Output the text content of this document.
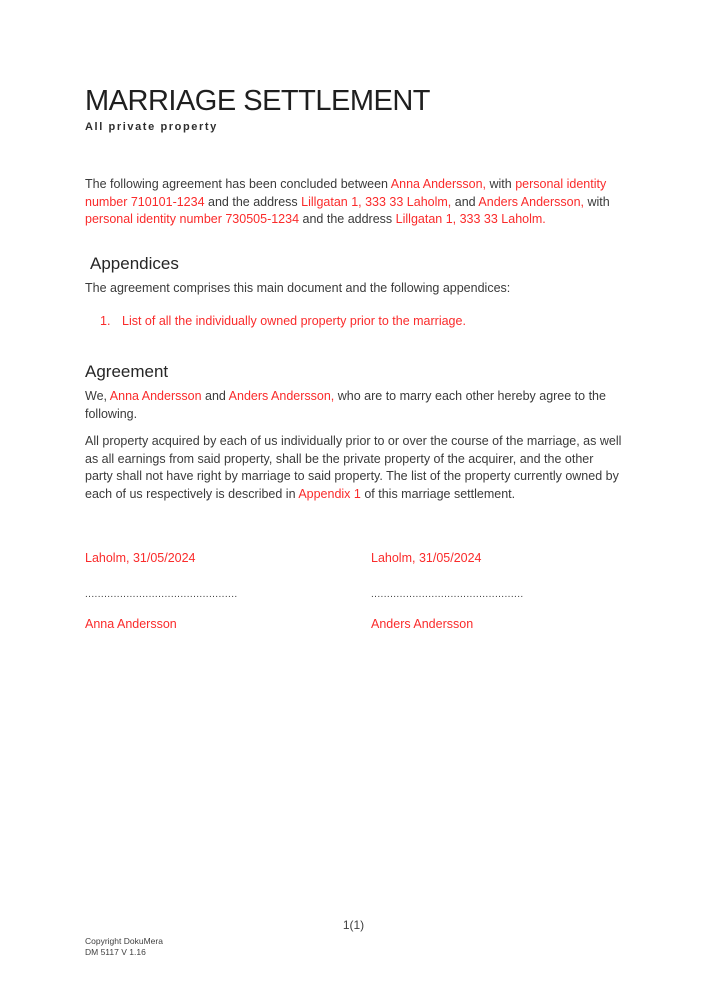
MARRIAGE SETTLEMENT
All private property

The following agreement has been concluded between Anna Andersson, with personal identity number 710101-1234 and the address Lillgatan 1, 333 33 Laholm, and Anders Andersson, with personal identity number 730505-1234 and the address Lillgatan 1, 333 33 Laholm.

Appendices

The agreement comprises this main document and the following appendices:

1. List of all the individually owned property prior to the marriage.
Agreement

We, Anna Andersson and Anders Andersson, who are to marry each other hereby agree to the following.

All property acquired by each of us individually prior to or over the course of the marriage, as well as all earnings from said property, shall be the private property of the acquirer, and the other party shall not have right by marriage to said property. The list of the property currently owned by each of us respectively is described in Appendix 1 of this marriage settlement.

Laholm, 31/05/2024
................................................
Anna Andersson
Laholm, 31/05/2024
................................................
Anders Andersson
1(1)
Copyright DokuMera
DM 5117 V 1.16
